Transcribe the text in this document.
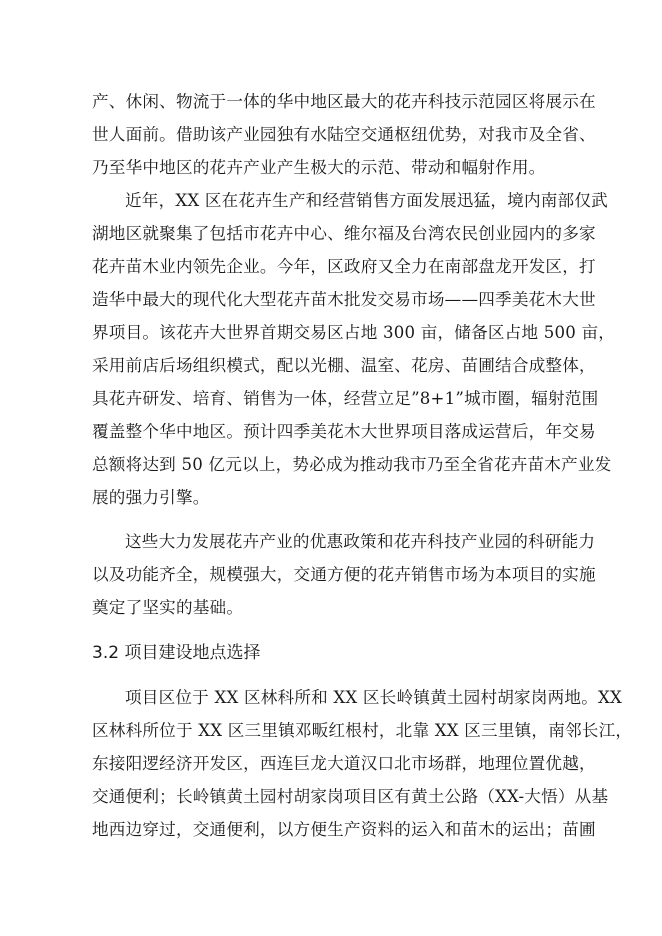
产、休闲、物流于一体的华中地区最大的花卉科技示范园区将展示在
世人面前。借助该产业园独有水陆空交通枢纽优势，对我市及全省、
乃至华中地区的花卉产业产生极大的示范、带动和幅射作用。
近年，XX 区在花卉生产和经营销售方面发展迅猛，境内南部仅武
湖地区就聚集了包括市花卉中心、维尔福及台湾农民创业园内的多家
花卉苗木业内领先企业。今年，区政府又全力在南部盘龙开发区，打
造华中最大的现代化大型花卉苗木批发交易市场——四季美花木大世
界项目。该花卉大世界首期交易区占地 300 亩，储备区占地 500 亩，
采用前店后场组织模式，配以光棚、温室、花房、苗圃结合成整体，
具花卉研发、培育、销售为一体，经营立足”8+1”城市圈，辐射范围
覆盖整个华中地区。预计四季美花木大世界项目落成运营后，年交易
总额将达到 50 亿元以上，势必成为推动我市乃至全省花卉苗木产业发
展的强力引擎。
这些大力发展花卉产业的优惠政策和花卉科技产业园的科研能力
以及功能齐全，规模强大，交通方便的花卉销售市场为本项目的实施
奠定了坚实的基础。
3.2 项目建设地点选择
项目区位于 XX 区林科所和 XX 区长岭镇黄土园村胡家岗两地。XX
区林科所位于 XX 区三里镇邓畈红根村，北靠 XX 区三里镇，南邻长江，
东接阳逻经济开发区，西连巨龙大道汉口北市场群，地理位置优越，
交通便利；长岭镇黄土园村胡家岗项目区有黄土公路（XX-大悟）从基
地西边穿过，交通便利，以方便生产资料的运入和苗木的运出；苗圃
